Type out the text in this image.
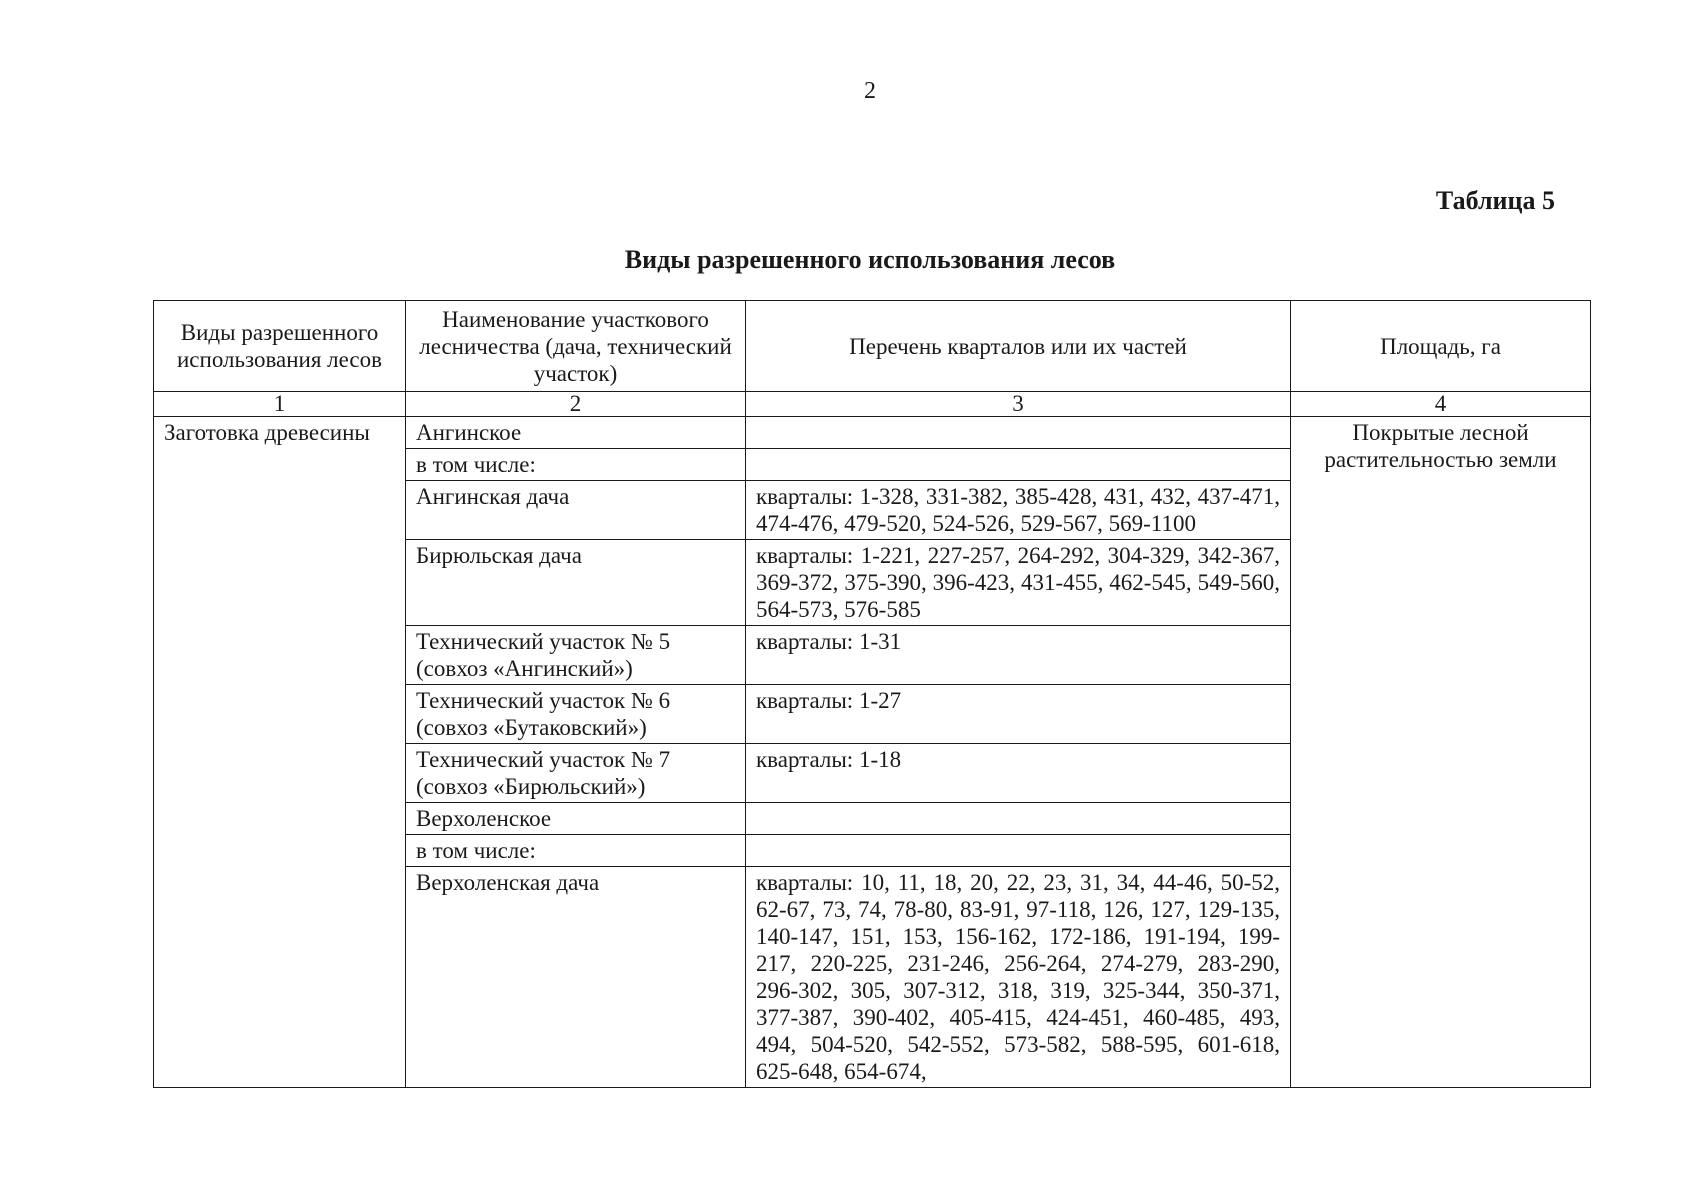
2
Таблица 5
Виды разрешенного использования лесов
Виды разрешенного использования лесов	Наименование участкового лесничества (дача, технический участок)	Перечень кварталов или их частей	Площадь, га
1	2	3	4
Заготовка древесины	Ангинское		Покрытые лесной растительностью земли
	в том числе:		
	Ангинская дача	кварталы: 1-328, 331-382, 385-428, 431, 432, 437-471, 474-476, 479-520, 524-526, 529-567, 569-1100	
	Бирюльская дача	кварталы: 1-221, 227-257, 264-292, 304-329, 342-367, 369-372, 375-390, 396-423, 431-455, 462-545, 549-560, 564-573, 576-585	
	Технический участок № 5 (совхоз «Ангинский»)	кварталы: 1-31	
	Технический участок № 6 (совхоз «Бутаковский»)	кварталы: 1-27	
	Технический участок № 7 (совхоз «Бирюльский»)	кварталы: 1-18	
	Верхоленское		
	в том числе:		
	Верхоленская дача	кварталы: 10, 11, 18, 20, 22, 23, 31, 34, 44-46, 50-52, 62-67, 73, 74, 78-80, 83-91, 97-118, 126, 127, 129-135, 140-147, 151, 153, 156-162, 172-186, 191-194, 199-217, 220-225, 231-246, 256-264, 274-279, 283-290, 296-302, 305, 307-312, 318, 319, 325-344, 350-371, 377-387, 390-402, 405-415, 424-451, 460-485, 493, 494, 504-520, 542-552, 573-582, 588-595, 601-618, 625-648, 654-674,	
